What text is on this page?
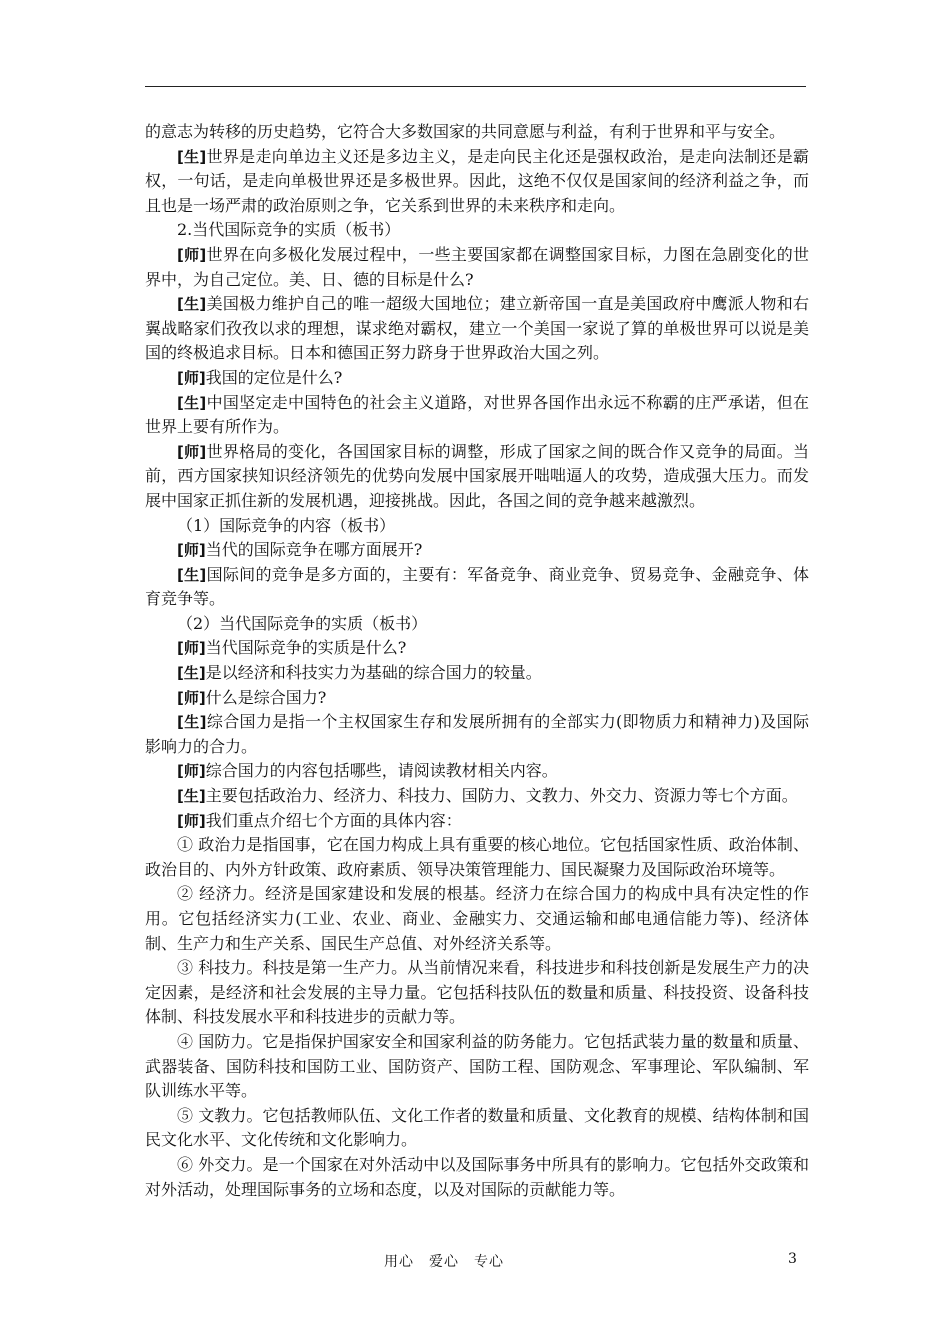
的意志为转移的历史趋势，它符合大多数国家的共同意愿与利益，有利于世界和平与安全。

[生]世界是走向单边主义还是多边主义，是走向民主化还是强权政治，是走向法制还是霸权，一句话，是走向单极世界还是多极世界。因此，这绝不仅仅是国家间的经济利益之争，而且也是一场严肃的政治原则之争，它关系到世界的未来秩序和走向。

2.当代国际竞争的实质（板书）

[师]世界在向多极化发展过程中，一些主要国家都在调整国家目标，力图在急剧变化的世界中，为自己定位。美、日、德的目标是什么?

[生]美国极力维护自己的唯一超级大国地位；建立新帝国一直是美国政府中鹰派人物和右翼战略家们孜孜以求的理想，谋求绝对霸权，建立一个美国一家说了算的单极世界可以说是美国的终极追求目标。日本和德国正努力跻身于世界政治大国之列。

[师]我国的定位是什么?

[生]中国坚定走中国特色的社会主义道路，对世界各国作出永远不称霸的庄严承诺，但在世界上要有所作为。

[师]世界格局的变化，各国国家目标的调整，形成了国家之间的既合作又竞争的局面。当前，西方国家挟知识经济领先的优势向发展中国家展开咄咄逼人的攻势，造成强大压力。而发展中国家正抓住新的发展机遇，迎接挑战。因此，各国之间的竞争越来越激烈。

（1）国际竞争的内容（板书）

[师]当代的国际竞争在哪方面展开?

[生]国际间的竞争是多方面的，主要有：军备竞争、商业竞争、贸易竞争、金融竞争、体育竞争等。

（2）当代国际竞争的实质（板书）

[师]当代国际竞争的实质是什么?

[生]是以经济和科技实力为基础的综合国力的较量。

[师]什么是综合国力?

[生]综合国力是指一个主权国家生存和发展所拥有的全部实力(即物质力和精神力)及国际影响力的合力。

[师]综合国力的内容包括哪些，请阅读教材相关内容。

[生]主要包括政治力、经济力、科技力、国防力、文教力、外交力、资源力等七个方面。

[师]我们重点介绍七个方面的具体内容：

① 政治力是指国事，它在国力构成上具有重要的核心地位。它包括国家性质、政治体制、政治目的、内外方针政策、政府素质、领导决策管理能力、国民凝聚力及国际政治环境等。

② 经济力。经济是国家建设和发展的根基。经济力在综合国力的构成中具有决定性的作用。它包括经济实力(工业、农业、商业、金融实力、交通运输和邮电通信能力等)、经济体制、生产力和生产关系、国民生产总值、对外经济关系等。

③ 科技力。科技是第一生产力。从当前情况来看，科技进步和科技创新是发展生产力的决定因素，是经济和社会发展的主导力量。它包括科技队伍的数量和质量、科技投资、设备科技体制、科技发展水平和科技进步的贡献力等。

④ 国防力。它是指保护国家安全和国家利益的防务能力。它包括武装力量的数量和质量、武器装备、国防科技和国防工业、国防资产、国防工程、国防观念、军事理论、军队编制、军队训练水平等。

⑤ 文教力。它包括教师队伍、文化工作者的数量和质量、文化教育的规模、结构体制和国民文化水平、文化传统和文化影响力。

⑥ 外交力。是一个国家在对外活动中以及国际事务中所具有的影响力。它包括外交政策和对外活动，处理国际事务的立场和态度，以及对国际的贡献能力等。

用心　爱心　专心	3
